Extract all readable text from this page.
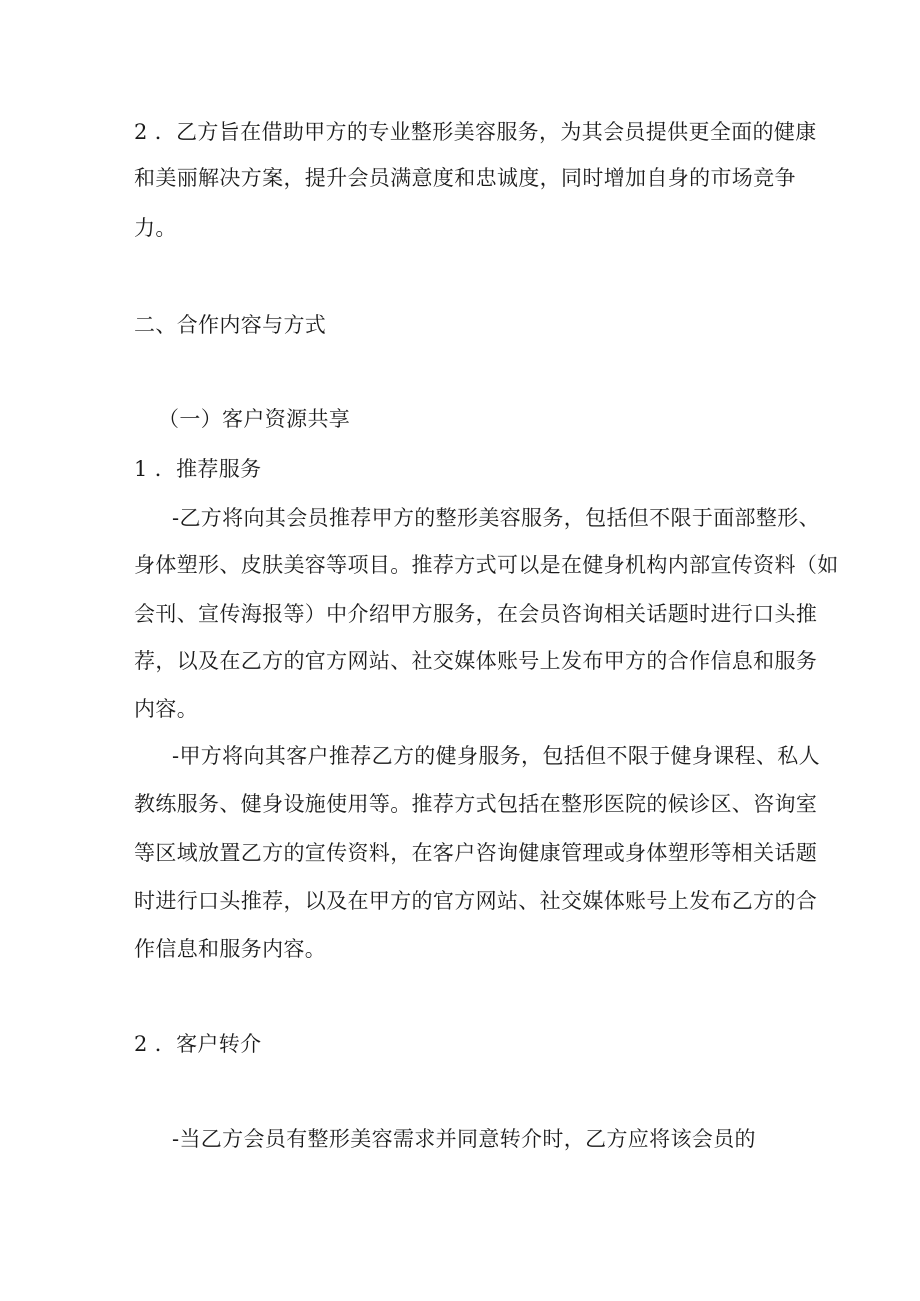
2 ．乙方旨在借助甲方的专业整形美容服务，为其会员提供更全面的健康
和美丽解决方案，提升会员满意度和忠诚度，同时增加自身的市场竞争
力。
二、合作内容与方式
（一）客户资源共享
1 ．推荐服务
-乙方将向其会员推荐甲方的整形美容服务，包括但不限于面部整形、
身体塑形、皮肤美容等项目。推荐方式可以是在健身机构内部宣传资料（如
会刊、宣传海报等）中介绍甲方服务，在会员咨询相关话题时进行口头推
荐，以及在乙方的官方网站、社交媒体账号上发布甲方的合作信息和服务
内容。
-甲方将向其客户推荐乙方的健身服务，包括但不限于健身课程、私人
教练服务、健身设施使用等。推荐方式包括在整形医院的候诊区、咨询室
等区域放置乙方的宣传资料，在客户咨询健康管理或身体塑形等相关话题
时进行口头推荐，以及在甲方的官方网站、社交媒体账号上发布乙方的合
作信息和服务内容。
2 ．客户转介
-当乙方会员有整形美容需求并同意转介时，乙方应将该会员的
